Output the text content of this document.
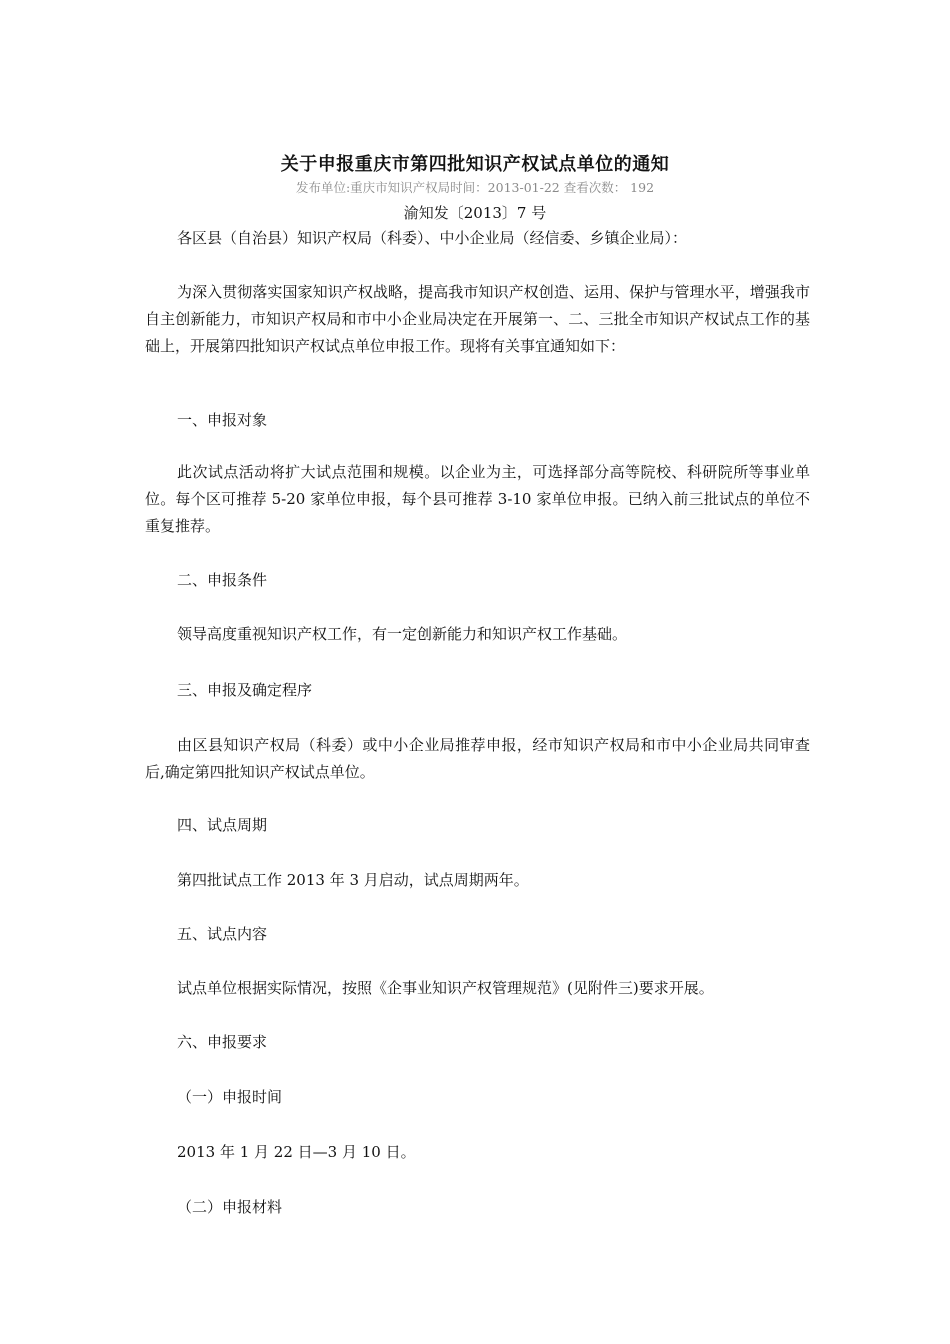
关于申报重庆市第四批知识产权试点单位的通知
发布单位:重庆市知识产权局时间：2013-01-22 查看次数： 192
渝知发〔2013〕7 号

各区县（自治县）知识产权局（科委）、中小企业局（经信委、乡镇企业局）：

为深入贯彻落实国家知识产权战略，提高我市知识产权创造、运用、保护与管理水平，增强我市自主创新能力，市知识产权局和市中小企业局决定在开展第一、二、三批全市知识产权试点工作的基础上，开展第四批知识产权试点单位申报工作。现将有关事宜通知如下：

一、申报对象

此次试点活动将扩大试点范围和规模。以企业为主，可选择部分高等院校、科研院所等事业单位。每个区可推荐 5-20 家单位申报，每个县可推荐 3-10 家单位申报。已纳入前三批试点的单位不重复推荐。

二、申报条件

领导高度重视知识产权工作，有一定创新能力和知识产权工作基础。

三、申报及确定程序

由区县知识产权局（科委）或中小企业局推荐申报，经市知识产权局和市中小企业局共同审查后,确定第四批知识产权试点单位。

四、试点周期

第四批试点工作 2013 年 3 月启动，试点周期两年。

五、试点内容

试点单位根据实际情况，按照《企事业知识产权管理规范》(见附件三)要求开展。

六、申报要求

（一）申报时间

2013 年 1 月 22 日—3 月 10 日。

（二）申报材料
